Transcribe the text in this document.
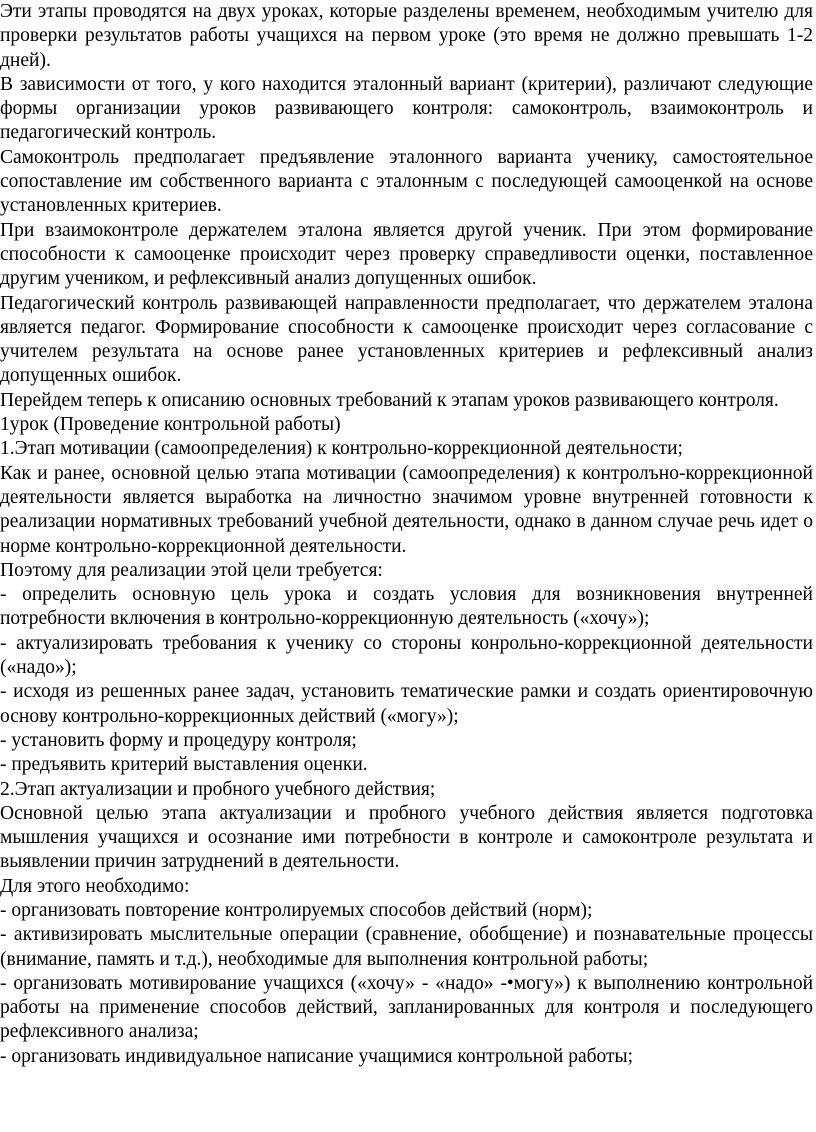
Эти этапы проводятся на двух уроках, которые разделены временем, необходимым учителю для проверки результатов работы учащихся на первом уроке (это время не должно превышать 1-2 дней).

В зависимости от того, у кого находится эталонный вариант (критерии), различают следующие формы организации уроков развивающего контроля: самоконтроль, взаимоконтроль и педагогический контроль.

Самоконтроль предполагает предъявление эталонного варианта ученику, самостоятельное сопоставление им собственного варианта с эталонным с последующей самооценкой на основе установленных критериев.

При взаимоконтроле держателем эталона является другой ученик. При этом формирование способности к самооценке происходит через проверку справедливости оценки, поставленное другим учеником, и рефлексивный анализ допущенных ошибок.

Педагогический контроль развивающей направленности предполагает, что держателем эталона является педагог. Формирование способности к самооценке происходит через согласование с учителем результата на основе ранее установленных критериев и рефлексивный анализ допущенных ошибок.

Перейдем теперь к описанию основных требований к этапам уроков развивающего контроля.

1урок (Проведение контрольной работы)

1.Этап мотивации (самоопределения) к контрольно-коррекционной деятельности;

Как и ранее, основной целью этапа мотивации (самоопределения) к контролъно-коррекционной деятельности является выработка на личностно значимом уровне внутренней готовности к реализации нормативных требований учебной деятельности, однако в данном случае речь идет о норме контрольно-коррекционной деятельности.

Поэтому для реализации этой цели требуется:

- определить основную цель урока и создать условия для возникновения внутренней потребности включения в контрольно-коррекционную деятельность («хочу»);

- актуализировать требования к ученику со стороны конрольно-коррекционной деятельности («надо»);

- исходя из решенных ранее задач, установить тематические рамки и создать ориентировочную основу контрольно-коррекционных действий («могу»);

- установить форму и процедуру контроля;

- предъявить критерий выставления оценки.

2.Этап актуализации и пробного учебного действия;

Основной целью этапа актуализации и пробного учебного действия является подготовка мышления учащихся и осознание ими потребности в контроле и самоконтроле результата и выявлении причин затруднений в деятельности.

Для этого необходимо:

- организовать повторение контролируемых способов действий (норм);

- активизировать мыслительные операции (сравнение, обобщение) и познавательные процессы (внимание, память и т.д.), необходимые для выполнения контрольной работы;

- организовать мотивирование учащихся («хочу» - «надо» -•могу») к выполнению контрольной работы на применение способов действий, запланированных для контроля и последующего рефлексивного анализа;

- организовать индивидуальное написание учащимися контрольной работы;
